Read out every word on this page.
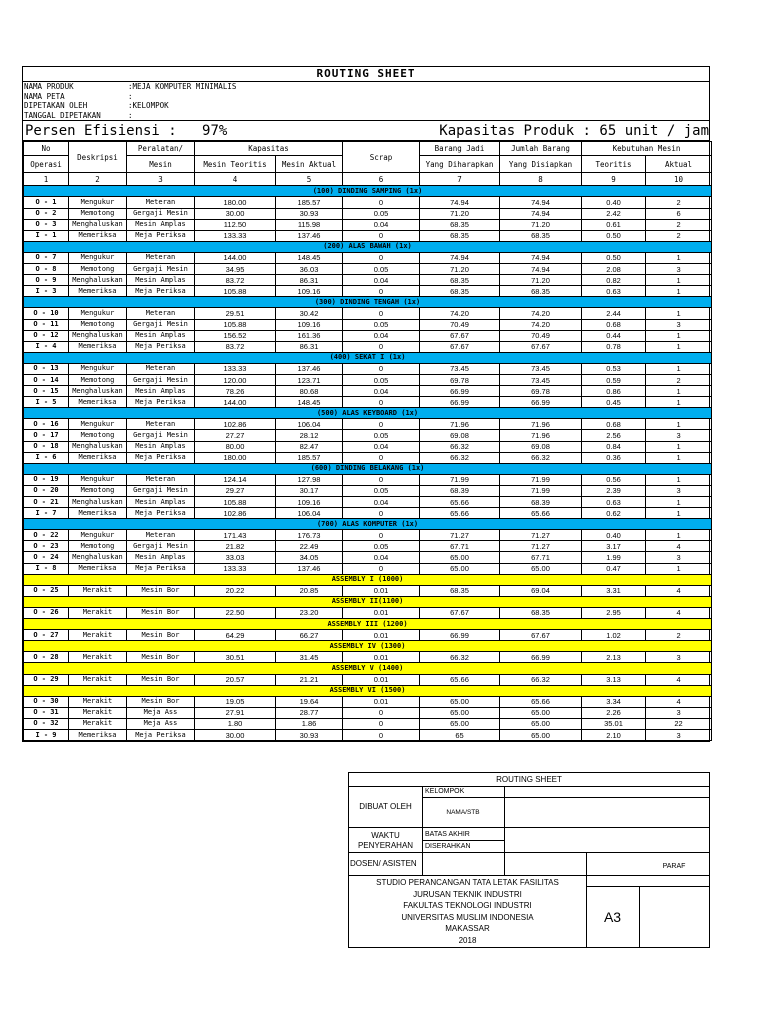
ROUTING SHEET
NAMA PRODUK	:MEJA KOMPUTER MINIMALIS
NAMA PETA	:
DIPETAKAN OLEH	:KELOMPOK
TANGGAL DIPETAKAN	:
Persen Efisiensi :
97%	Kapasitas Produk :
65 unit / jam
No	Deskripsi	Peralatan/	Kapasitas		Scrap	Barang Jadi	Jumlah Barang	Kebutuhan Mesin	
Operasi		Mesin	Mesin Teoritis	Mesin Aktual		Yang Diharapkan	Yang Disiapkan	Teoritis	Aktual
1	2	3	4	5	6	7	8	9	10
(100) DINDING SAMPING (1x)									
O - 1	Mengukur	Meteran	180.00	185.57	0	74.94	74.94	0.40	2
O - 2	Memotong	Gergaji Mesin	30.00	30.93	0.05	71.20	74.94	2.42	6
O - 3	Menghaluskan	Mesin Amplas	112.50	115.98	0.04	68.35	71.20	0.61	2
I - 1	Memeriksa	Meja Periksa	133.33	137.46	0	68.35	68.35	0.50	2
(200) ALAS BAWAH (1x)									
O - 7	Mengukur	Meteran	144.00	148.45	0	74.94	74.94	0.50	1
O - 8	Memotong	Gergaji Mesin	34.95	36.03	0.05	71.20	74.94	2.08	3
O - 9	Menghaluskan	Mesin Amplas	83.72	86.31	0.04	68.35	71.20	0.82	1
I - 3	Memeriksa	Meja Periksa	105.88	109.16	0	68.35	68.35	0.63	1
(300) DINDING TENGAH (1x)									
O - 10	Mengukur	Meteran	29.51	30.42	0	74.20	74.20	2.44	1
O - 11	Memotong	Gergaji Mesin	105.88	109.16	0.05	70.49	74.20	0.68	3
O - 12	Menghaluskan	Mesin Amplas	156.52	161.36	0.04	67.67	70.49	0.44	1
I - 4	Memeriksa	Meja Periksa	83.72	86.31	0	67.67	67.67	0.78	1
(400) SEKAT I (1x)									
O - 13	Mengukur	Meteran	133.33	137.46	0	73.45	73.45	0.53	1
O - 14	Memotong	Gergaji Mesin	120.00	123.71	0.05	69.78	73.45	0.59	2
O - 15	Menghaluskan	Mesin Amplas	78.26	80.68	0.04	66.99	69.78	0.86	1
I - 5	Memeriksa	Meja Periksa	144.00	148.45	0	66.99	66.99	0.45	1
(500) ALAS KEYBOARD (1x)									
O - 16	Mengukur	Meteran	102.86	106.04	0	71.96	71.96	0.68	1
O - 17	Memotong	Gergaji Mesin	27.27	28.12	0.05	69.08	71.96	2.56	3
O - 18	Menghaluskan	Mesin Amplas	80.00	82.47	0.04	66.32	69.08	0.84	1
I - 6	Memeriksa	Meja Periksa	180.00	185.57	0	66.32	66.32	0.36	1
(600) DINDING BELAKANG (1x)									
O - 19	Mengukur	Meteran	124.14	127.98	0	71.99	71.99	0.56	1
O - 20	Memotong	Gergaji Mesin	29.27	30.17	0.05	68.39	71.99	2.39	3
O - 21	Menghaluskan	Mesin Amplas	105.88	109.16	0.04	65.66	68.39	0.63	1
I - 7	Memeriksa	Meja Periksa	102.86	106.04	0	65.66	65.66	0.62	1
(700) ALAS KOMPUTER (1x)									
O - 22	Mengukur	Meteran	171.43	176.73	0	71.27	71.27	0.40	1
O - 23	Memotong	Gergaji Mesin	21.82	22.49	0.05	67.71	71.27	3.17	4
O - 24	Menghaluskan	Mesin Amplas	33.03	34.05	0.04	65.00	67.71	1.99	3
I - 8	Memeriksa	Meja Periksa	133.33	137.46	0	65.00	65.00	0.47	1
ASSEMBLY I (1000)									
O - 25	Merakit	Mesin Bor	20.22	20.85	0.01	68.35	69.04	3.31	4
ASSEMBLY II(1100)									
O - 26	Merakit	Mesin Bor	22.50	23.20	0.01	67.67	68.35	2.95	4
ASSEMBLY III (1200)									
O - 27	Merakit	Mesin Bor	64.29	66.27	0.01	66.99	67.67	1.02	2
ASSEMBLY IV (1300)									
O - 28	Merakit	Mesin Bor	30.51	31.45	0.01	66.32	66.99	2.13	3
ASSEMBLY V (1400)									
O - 29	Merakit	Mesin Bor	20.57	21.21	0.01	65.66	66.32	3.13	4
ASSEMBLY VI (1500)									
O - 30	Merakit	Mesin Bor	19.05	19.64	0.01	65.00	65.66	3.34	4
O - 31	Merakit	Meja Ass	27.91	28.77	0	65.00	65.00	2.26	3
O - 32	Merakit	Meja Ass	1.80	1.86	0	65.00	65.00	35.01	22
I - 9	Memeriksa	Meja Periksa	30.00	30.93	0	65	65.00	2.10	3
ROUTING SHEET
DIBUAT OLEH
KELOMPOK
NAMA/STB
WAKTU
PENYERAHAN
BATAS AKHIR
DISERAHKAN
DOSEN/ ASISTEN
STUDIO PERANCANGAN TATA LETAK FASILITAS
JURUSAN TEKNIK INDUSTRI
FAKULTAS TEKNOLOGI INDUSTRI
UNIVERSITAS MUSLIM INDONESIA
MAKASSAR
2018
PARAF
A3
